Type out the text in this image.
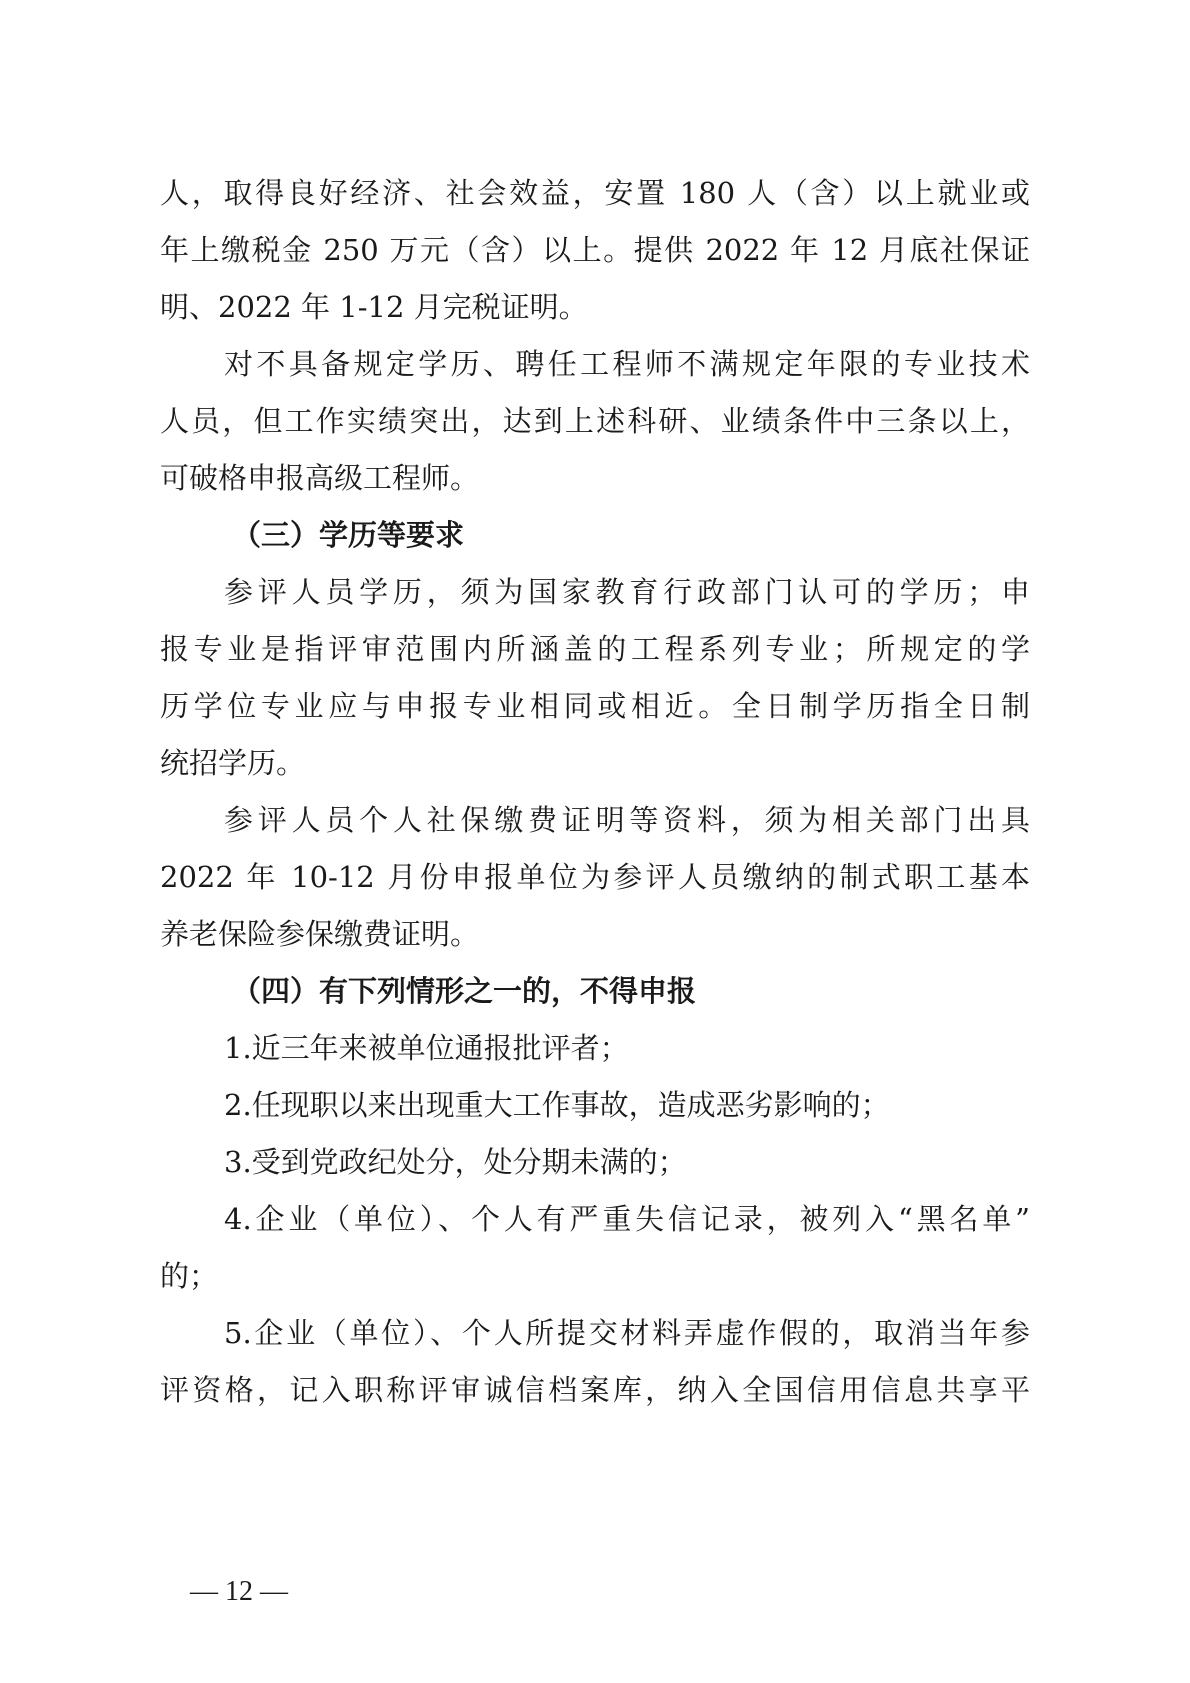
人，取得良好经济、社会效益，安置 180 人（含）以上就业或
年上缴税金 250 万元（含）以上。提供 2022 年 12 月底社保证
明、2022 年 1-12 月完税证明。
对不具备规定学历、聘任工程师不满规定年限的专业技术
人员，但工作实绩突出，达到上述科研、业绩条件中三条以上，
可破格申报高级工程师。
（三）学历等要求
参评人员学历，须为国家教育行政部门认可的学历；申
报专业是指评审范围内所涵盖的工程系列专业；所规定的学
历学位专业应与申报专业相同或相近。全日制学历指全日制
统招学历。
参评人员个人社保缴费证明等资料，须为相关部门出具
2022 年 10-12 月份申报单位为参评人员缴纳的制式职工基本
养老保险参保缴费证明。
（四）有下列情形之一的，不得申报
1.近三年来被单位通报批评者；
2.任现职以来出现重大工作事故，造成恶劣影响的；
3.受到党政纪处分，处分期未满的；
4.企业（单位）、个人有严重失信记录，被列入“黑名单”
的；
5.企业（单位）、个人所提交材料弄虚作假的，取消当年参
评资格，记入职称评审诚信档案库，纳入全国信用信息共享平
— 12 —
